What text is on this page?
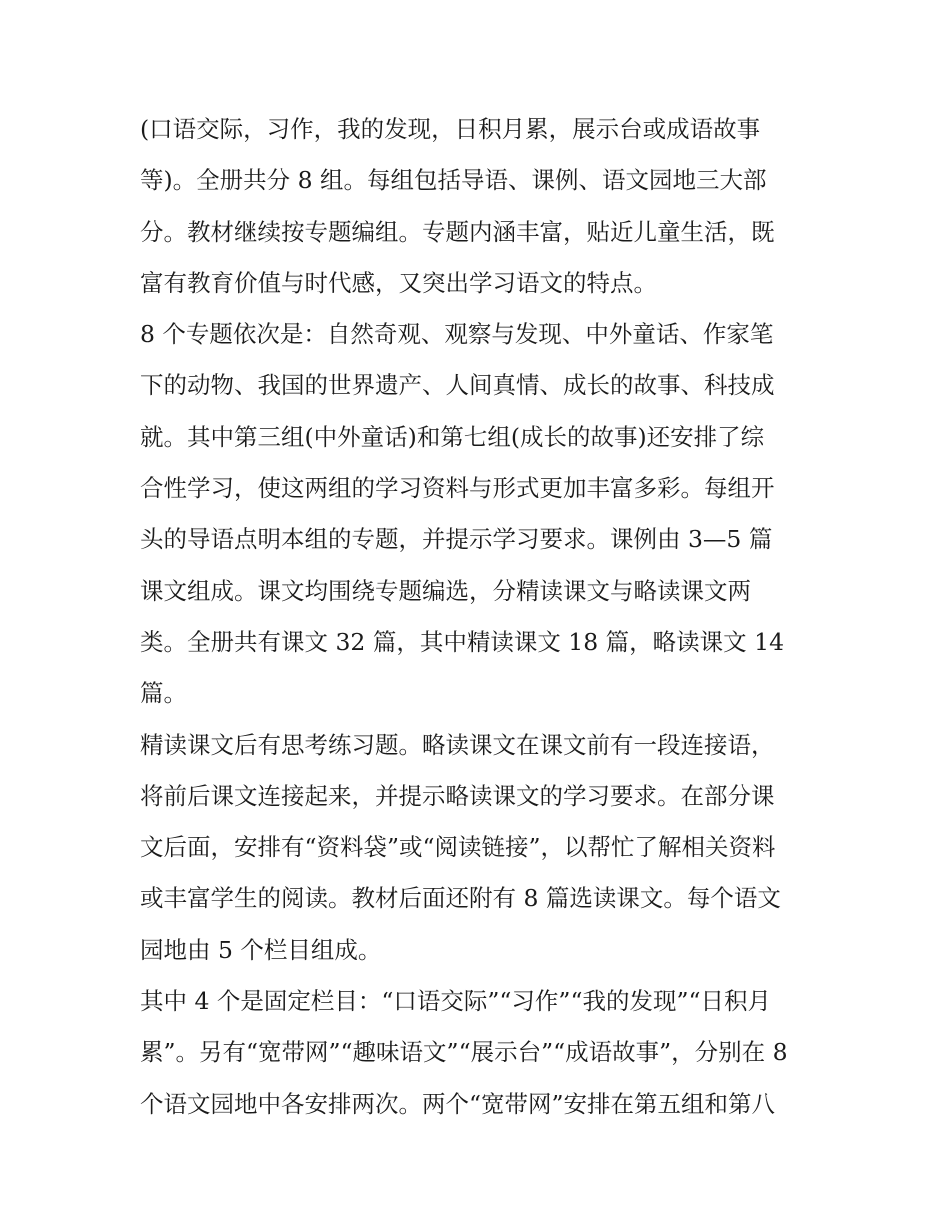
(口语交际，习作，我的发现，日积月累，展示台或成语故事
等)。全册共分 8 组。每组包括导语、课例、语文园地三大部
分。教材继续按专题编组。专题内涵丰富，贴近儿童生活，既
富有教育价值与时代感，又突出学习语文的特点。
8 个专题依次是：自然奇观、观察与发现、中外童话、作家笔
下的动物、我国的世界遗产、人间真情、成长的故事、科技成
就。其中第三组(中外童话)和第七组(成长的故事)还安排了综
合性学习，使这两组的学习资料与形式更加丰富多彩。每组开
头的导语点明本组的专题，并提示学习要求。课例由 3—5 篇
课文组成。课文均围绕专题编选，分精读课文与略读课文两
类。全册共有课文 32 篇，其中精读课文 18 篇，略读课文 14
篇。
精读课文后有思考练习题。略读课文在课文前有一段连接语，
将前后课文连接起来，并提示略读课文的学习要求。在部分课
文后面，安排有“资料袋”或“阅读链接”，以帮忙了解相关资料
或丰富学生的阅读。教材后面还附有 8 篇选读课文。每个语文
园地由 5 个栏目组成。
其中 4 个是固定栏目：“口语交际”“习作”“我的发现”“日积月
累”。另有“宽带网”“趣味语文”“展示台”“成语故事”，分别在 8
个语文园地中各安排两次。两个“宽带网”安排在第五组和第八
